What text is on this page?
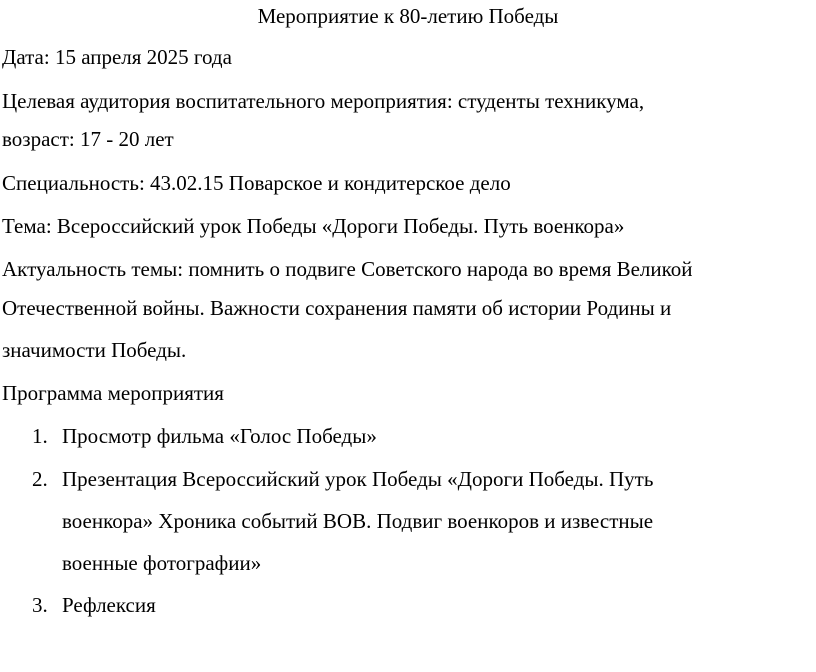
Мероприятие к 80-летию Победы
Дата: 15 апреля 2025 года
Целевая аудитория воспитательного мероприятия: студенты техникума,
возраст: 17 - 20 лет
Специальность: 43.02.15 Поварское и кондитерское дело
Тема: Всероссийский урок Победы «Дороги Победы. Путь военкора»
Актуальность темы: помнить о подвиге Советского народа во время Великой
Отечественной войны. Важности сохранения памяти об истории Родины и
значимости Победы.
Программа мероприятия
1. Просмотр фильма «Голос Победы»
2. Презентация Всероссийский урок Победы «Дороги Победы. Путь
военкора» Хроника событий ВОВ. Подвиг военкоров и известные
военные фотографии»
3. Рефлексия
